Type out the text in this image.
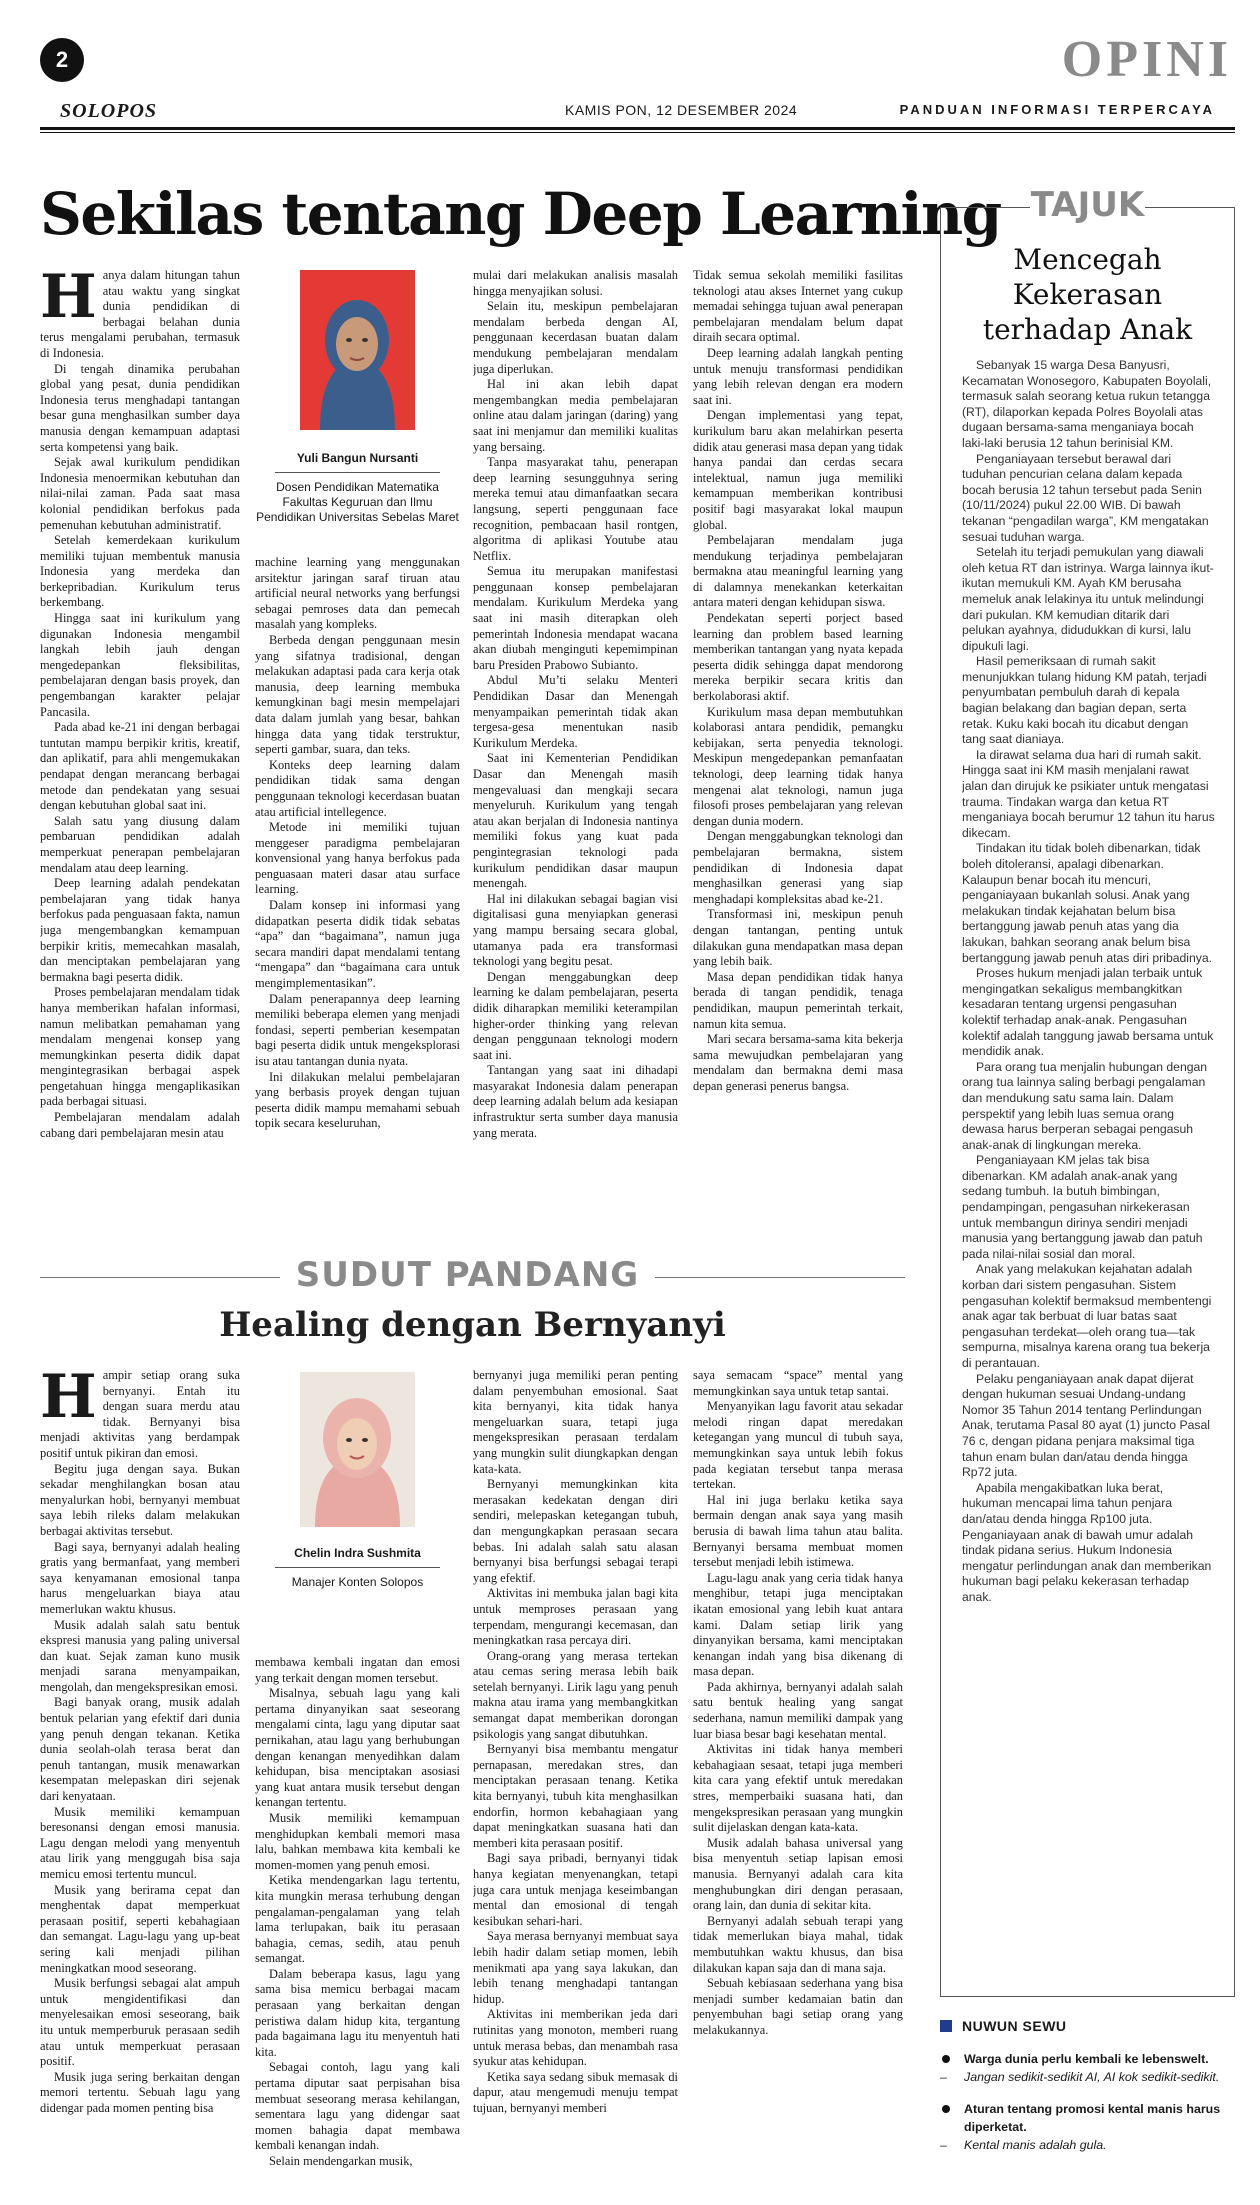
2	OPINI
SOLOPOS	KAMIS PON, 12 DESEMBER 2024	PANDUAN INFORMASI TERPERCAYA
Sekilas tentang Deep Learning
Yuli Bangun Nursanti
Dosen Pendidikan Matematika Fakultas Keguruan dan Ilmu Pendidikan Universitas Sebelas Maret
H anya dalam hitungan tahun atau waktu yang singkat dunia pendidikan di berbagai belahan dunia terus mengalami perubahan, termasuk di Indonesia.

Di tengah dinamika perubahan global yang pesat, dunia pendidikan Indonesia terus menghadapi tantangan besar guna menghasilkan sumber daya manusia dengan kemampuan adaptasi serta kompetensi yang baik.

Sejak awal kurikulum pendidikan Indonesia menoermikan kebutuhan dan nilai-nilai zaman. Pada saat masa kolonial pendidikan berfokus pada pemenuhan kebutuhan administratif.

Setelah kemerdekaan kurikulum memiliki tujuan membentuk manusia Indonesia yang merdeka dan berkepribadian. Kurikulum terus berkembang.

Hingga saat ini kurikulum yang digunakan Indonesia mengambil langkah lebih jauh dengan mengedepankan fleksibilitas, pembelajaran dengan basis proyek, dan pengembangan karakter pelajar Pancasila.

Pada abad ke-21 ini dengan berbagai tuntutan mampu berpikir kritis, kreatif, dan aplikatif, para ahli mengemukakan pendapat dengan merancang berbagai metode dan pendekatan yang sesuai dengan kebutuhan global saat ini.

Salah satu yang diusung dalam pembaruan pendidikan adalah memperkuat penerapan pembelajaran mendalam atau deep learning.

Deep learning adalah pendekatan pembelajaran yang tidak hanya berfokus pada penguasaan fakta, namun juga mengembangkan kemampuan berpikir kritis, memecahkan masalah, dan menciptakan pembelajaran yang bermakna bagi peserta didik.

Proses pembelajaran mendalam tidak hanya memberikan hafalan informasi, namun melibatkan pemahaman yang mendalam mengenai konsep yang memungkinkan peserta didik dapat mengintegrasikan berbagai aspek pengetahuan hingga mengaplikasikan pada berbagai situasi.

Pembelajaran mendalam adalah cabang dari pembelajaran mesin atau

machine learning yang menggunakan arsitektur jaringan saraf tiruan atau artificial neural networks yang berfungsi sebagai pemroses data dan pemecah masalah yang kompleks.

Berbeda dengan penggunaan mesin yang sifatnya tradisional, dengan melakukan adaptasi pada cara kerja otak manusia, deep learning membuka kemungkinan bagi mesin mempelajari data dalam jumlah yang besar, bahkan hingga data yang tidak terstruktur, seperti gambar, suara, dan teks.

Konteks deep learning dalam pendidikan tidak sama dengan penggunaan teknologi kecerdasan buatan atau artificial intellegence.

Metode ini memiliki tujuan menggeser paradigma pembelajaran konvensional yang hanya berfokus pada penguasaan materi dasar atau surface learning.

Dalam konsep ini informasi yang didapatkan peserta didik tidak sebatas “apa” dan “bagaimana”, namun juga secara mandiri dapat mendalami tentang “mengapa” dan “bagaimana cara untuk mengimplementasikan”.

Dalam penerapannya deep learning memiliki beberapa elemen yang menjadi fondasi, seperti pemberian kesempatan bagi peserta didik untuk mengeksplorasi isu atau tantangan dunia nyata.

Ini dilakukan melalui pembelajaran yang berbasis proyek dengan tujuan peserta didik mampu memahami sebuah topik secara keseluruhan,

mulai dari melakukan analisis masalah hingga menyajikan solusi.

Selain itu, meskipun pembelajaran mendalam berbeda dengan AI, penggunaan kecerdasan buatan dalam mendukung pembelajaran mendalam juga diperlukan.

Hal ini akan lebih dapat mengembangkan media pembelajaran online atau dalam jaringan (daring) yang saat ini menjamur dan memiliki kualitas yang bersaing.

Tanpa masyarakat tahu, penerapan deep learning sesungguhnya sering mereka temui atau dimanfaatkan secara langsung, seperti penggunaan face recognition, pembacaan hasil rontgen, algoritma di aplikasi Youtube atau Netflix.

Semua itu merupakan manifestasi penggunaan konsep pembelajaran mendalam. Kurikulum Merdeka yang saat ini masih diterapkan oleh pemerintah Indonesia mendapat wacana akan diubah menginguti kepemimpinan baru Presiden Prabowo Subianto.

Abdul Mu’ti selaku Menteri Pendidikan Dasar dan Menengah menyampaikan pemerintah tidak akan tergesa-gesa menentukan nasib Kurikulum Merdeka.

Saat ini Kementerian Pendidikan Dasar dan Menengah masih mengevaluasi dan mengkaji secara menyeluruh. Kurikulum yang tengah atau akan berjalan di Indonesia nantinya memiliki fokus yang kuat pada pengintegrasian teknologi pada kurikulum pendidikan dasar maupun menengah.

Hal ini dilakukan sebagai bagian visi digitalisasi guna menyiapkan generasi yang mampu bersaing secara global, utamanya pada era transformasi teknologi yang begitu pesat.

Dengan menggabungkan deep learning ke dalam pembelajaran, peserta didik diharapkan memiliki keterampilan higher-order thinking yang relevan dengan penggunaan teknologi modern saat ini.

Tantangan yang saat ini dihadapi masyarakat Indonesia dalam penerapan deep learning adalah belum ada kesiapan infrastruktur serta sumber daya manusia yang merata.

Tidak semua sekolah memiliki fasilitas teknologi atau akses Internet yang cukup memadai sehingga tujuan awal penerapan pembelajaran mendalam belum dapat diraih secara optimal.

Deep learning adalah langkah penting untuk menuju transformasi pendidikan yang lebih relevan dengan era modern saat ini.

Dengan implementasi yang tepat, kurikulum baru akan melahirkan peserta didik atau generasi masa depan yang tidak hanya pandai dan cerdas secara intelektual, namun juga memiliki kemampuan memberikan kontribusi positif bagi masyarakat lokal maupun global.

Pembelajaran mendalam juga mendukung terjadinya pembelajaran bermakna atau meaningful learning yang di dalamnya menekankan keterkaitan antara materi dengan kehidupan siswa.

Pendekatan seperti porject based learning dan problem based learning memberikan tantangan yang nyata kepada peserta didik sehingga dapat mendorong mereka berpikir secara kritis dan berkolaborasi aktif.

Kurikulum masa depan membutuhkan kolaborasi antara pendidik, pemangku kebijakan, serta penyedia teknologi. Meskipun mengedepankan pemanfaatan teknologi, deep learning tidak hanya mengenai alat teknologi, namun juga filosofi proses pembelajaran yang relevan dengan dunia modern.

Dengan menggabungkan teknologi dan pembelajaran bermakna, sistem pendidikan di Indonesia dapat menghasilkan generasi yang siap menghadapi kompleksitas abad ke-21.

Transformasi ini, meskipun penuh dengan tantangan, penting untuk dilakukan guna mendapatkan masa depan yang lebih baik.

Masa depan pendidikan tidak hanya berada di tangan pendidik, tenaga pendidikan, maupun pemerintah terkait, namun kita semua.

Mari secara bersama-sama kita bekerja sama mewujudkan pembelajaran yang mendalam dan bermakna demi masa depan generasi penerus bangsa.

SUDUT PANDANG
Healing dengan Bernyanyi
Chelin Indra Sushmita
Manajer Konten Solopos
H ampir setiap orang suka bernyanyi. Entah itu dengan suara merdu atau tidak. Bernyanyi bisa menjadi aktivitas yang berdampak positif untuk pikiran dan emosi.

Begitu juga dengan saya. Bukan sekadar menghilangkan bosan atau menyalurkan hobi, bernyanyi membuat saya lebih rileks dalam melakukan berbagai aktivitas tersebut.

Bagi saya, bernyanyi adalah healing gratis yang bermanfaat, yang memberi saya kenyamanan emosional tanpa harus mengeluarkan biaya atau memerlukan waktu khusus.

Musik adalah salah satu bentuk ekspresi manusia yang paling universal dan kuat. Sejak zaman kuno musik menjadi sarana menyampaikan, mengolah, dan mengekspresikan emosi.

Bagi banyak orang, musik adalah bentuk pelarian yang efektif dari dunia yang penuh dengan tekanan. Ketika dunia seolah-olah terasa berat dan penuh tantangan, musik menawarkan kesempatan melepaskan diri sejenak dari kenyataan.

Musik memiliki kemampuan beresonansi dengan emosi manusia. Lagu dengan melodi yang menyentuh atau lirik yang menggugah bisa saja memicu emosi tertentu muncul.

Musik yang berirama cepat dan menghentak dapat memperkuat perasaan positif, seperti kebahagiaan dan semangat. Lagu-lagu yang up-beat sering kali menjadi pilihan meningkatkan mood seseorang.

Musik berfungsi sebagai alat ampuh untuk mengidentifikasi dan menyelesaikan emosi seseorang, baik itu untuk memperburuk perasaan sedih atau untuk memperkuat perasaan positif.

Musik juga sering berkaitan dengan memori tertentu. Sebuah lagu yang didengar pada momen penting bisa

membawa kembali ingatan dan emosi yang terkait dengan momen tersebut.

Misalnya, sebuah lagu yang kali pertama dinyanyikan saat seseorang mengalami cinta, lagu yang diputar saat pernikahan, atau lagu yang berhubungan dengan kenangan menyedihkan dalam kehidupan, bisa menciptakan asosiasi yang kuat antara musik tersebut dengan kenangan tertentu.

Musik memiliki kemampuan menghidupkan kembali memori masa lalu, bahkan membawa kita kembali ke momen-momen yang penuh emosi.

Ketika mendengarkan lagu tertentu, kita mungkin merasa terhubung dengan pengalaman-pengalaman yang telah lama terlupakan, baik itu perasaan bahagia, cemas, sedih, atau penuh semangat.

Dalam beberapa kasus, lagu yang sama bisa memicu berbagai macam perasaan yang berkaitan dengan peristiwa dalam hidup kita, tergantung pada bagaimana lagu itu menyentuh hati kita.

Sebagai contoh, lagu yang kali pertama diputar saat perpisahan bisa membuat seseorang merasa kehilangan, sementara lagu yang didengar saat momen bahagia dapat membawa kembali kenangan indah.

Selain mendengarkan musik,

bernyanyi juga memiliki peran penting dalam penyembuhan emosional. Saat kita bernyanyi, kita tidak hanya mengeluarkan suara, tetapi juga mengekspresikan perasaan terdalam yang mungkin sulit diungkapkan dengan kata-kata.

Bernyanyi memungkinkan kita merasakan kedekatan dengan diri sendiri, melepaskan ketegangan tubuh, dan mengungkapkan perasaan secara bebas. Ini adalah salah satu alasan bernyanyi bisa berfungsi sebagai terapi yang efektif.

Aktivitas ini membuka jalan bagi kita untuk memproses perasaan yang terpendam, mengurangi kecemasan, dan meningkatkan rasa percaya diri.

Orang-orang yang merasa tertekan atau cemas sering merasa lebih baik setelah bernyanyi. Lirik lagu yang penuh makna atau irama yang membangkitkan semangat dapat memberikan dorongan psikologis yang sangat dibutuhkan.

Bernyanyi bisa membantu mengatur pernapasan, meredakan stres, dan menciptakan perasaan tenang. Ketika kita bernyanyi, tubuh kita menghasilkan endorfin, hormon kebahagiaan yang dapat meningkatkan suasana hati dan memberi kita perasaan positif.

Bagi saya pribadi, bernyanyi tidak hanya kegiatan menyenangkan, tetapi juga cara untuk menjaga keseimbangan mental dan emosional di tengah kesibukan sehari-hari.

Saya merasa bernyanyi membuat saya lebih hadir dalam setiap momen, lebih menikmati apa yang saya lakukan, dan lebih tenang menghadapi tantangan hidup.

Aktivitas ini memberikan jeda dari rutinitas yang monoton, memberi ruang untuk merasa bebas, dan menambah rasa syukur atas kehidupan.

Ketika saya sedang sibuk memasak di dapur, atau mengemudi menuju tempat tujuan, bernyanyi memberi

saya semacam “space” mental yang memungkinkan saya untuk tetap santai.

Menyanyikan lagu favorit atau sekadar melodi ringan dapat meredakan ketegangan yang muncul di tubuh saya, memungkinkan saya untuk lebih fokus pada kegiatan tersebut tanpa merasa tertekan.

Hal ini juga berlaku ketika saya bermain dengan anak saya yang masih berusia di bawah lima tahun atau balita. Bernyanyi bersama membuat momen tersebut menjadi lebih istimewa.

Lagu-lagu anak yang ceria tidak hanya menghibur, tetapi juga menciptakan ikatan emosional yang lebih kuat antara kami. Dalam setiap lirik yang dinyanyikan bersama, kami menciptakan kenangan indah yang bisa dikenang di masa depan.

Pada akhirnya, bernyanyi adalah salah satu bentuk healing yang sangat sederhana, namun memiliki dampak yang luar biasa besar bagi kesehatan mental.

Aktivitas ini tidak hanya memberi kebahagiaan sesaat, tetapi juga memberi kita cara yang efektif untuk meredakan stres, memperbaiki suasana hati, dan mengekspresikan perasaan yang mungkin sulit dijelaskan dengan kata-kata.

Musik adalah bahasa universal yang bisa menyentuh setiap lapisan emosi manusia. Bernyanyi adalah cara kita menghubungkan diri dengan perasaan, orang lain, dan dunia di sekitar kita.

Bernyanyi adalah sebuah terapi yang tidak memerlukan biaya mahal, tidak membutuhkan waktu khusus, dan bisa dilakukan kapan saja dan di mana saja.

Sebuah kebiasaan sederhana yang bisa menjadi sumber kedamaian batin dan penyembuhan bagi setiap orang yang melakukannya.

TAJUK
Mencegah Kekerasan terhadap Anak

Sebanyak 15 warga Desa Banyusri, Kecamatan Wonosegoro, Kabupaten Boyolali, termasuk salah seorang ketua rukun tetangga (RT), dilaporkan kepada Polres Boyolali atas dugaan bersama-sama menganiaya bocah laki-laki berusia 12 tahun berinisial KM.

Penganiayaan tersebut berawal dari tuduhan pencurian celana dalam kepada bocah berusia 12 tahun tersebut pada Senin (10/11/2024) pukul 22.00 WIB. Di bawah tekanan “pengadilan warga”, KM mengatakan sesuai tuduhan warga.

Setelah itu terjadi pemukulan yang diawali oleh ketua RT dan istrinya. Warga lainnya ikut-ikutan memukuli KM. Ayah KM berusaha memeluk anak lelakinya itu untuk melindungi dari pukulan. KM kemudian ditarik dari pelukan ayahnya, didudukkan di kursi, lalu dipukuli lagi.

Hasil pemeriksaan di rumah sakit menunjukkan tulang hidung KM patah, terjadi penyumbatan pembuluh darah di kepala bagian belakang dan bagian depan, serta retak. Kuku kaki bocah itu dicabut dengan tang saat dianiaya.

Ia dirawat selama dua hari di rumah sakit. Hingga saat ini KM masih menjalani rawat jalan dan dirujuk ke psikiater untuk mengatasi trauma. Tindakan warga dan ketua RT menganiaya bocah berumur 12 tahun itu harus dikecam.

Tindakan itu tidak boleh dibenarkan, tidak boleh ditoleransi, apalagi dibenarkan. Kalaupun benar bocah itu mencuri, penganiayaan bukanlah solusi. Anak yang melakukan tindak kejahatan belum bisa bertanggung jawab penuh atas yang dia lakukan, bahkan seorang anak belum bisa bertanggung jawab penuh atas diri pribadinya.

Proses hukum menjadi jalan terbaik untuk mengingatkan sekaligus membangkitkan kesadaran tentang urgensi pengasuhan kolektif terhadap anak-anak. Pengasuhan kolektif adalah tanggung jawab bersama untuk mendidik anak.

Para orang tua menjalin hubungan dengan orang tua lainnya saling berbagi pengalaman dan mendukung satu sama lain. Dalam perspektif yang lebih luas semua orang dewasa harus berperan sebagai pengasuh anak-anak di lingkungan mereka.

Penganiayaan KM jelas tak bisa dibenarkan. KM adalah anak-anak yang sedang tumbuh. Ia butuh bimbingan, pendampingan, pengasuhan nirkekerasan untuk membangun dirinya sendiri menjadi manusia yang bertanggung jawab dan patuh pada nilai-nilai sosial dan moral.

Anak yang melakukan kejahatan adalah korban dari sistem pengasuhan. Sistem pengasuhan kolektif bermaksud membentengi anak agar tak berbuat di luar batas saat pengasuhan terdekat—oleh orang tua—tak sempurna, misalnya karena orang tua bekerja di perantauan.

Pelaku penganiayaan anak dapat dijerat dengan hukuman sesuai Undang-undang Nomor 35 Tahun 2014 tentang Perlindungan Anak, terutama Pasal 80 ayat (1) juncto Pasal 76 c, dengan pidana penjara maksimal tiga tahun enam bulan dan/atau denda hingga Rp72 juta.

Apabila mengakibatkan luka berat, hukuman mencapai lima tahun penjara dan/atau denda hingga Rp100 juta. Penganiayaan anak di bawah umur adalah tindak pidana serius. Hukum Indonesia mengatur perlindungan anak dan memberikan hukuman bagi pelaku kekerasan terhadap anak.

NUWUN SEWU
Warga dunia perlu kembali ke lebenswelt.
– Jangan sedikit-sedikit AI, AI kok sedikit-sedikit.
Aturan tentang promosi kental manis harus diperketat.
– Kental manis adalah gula.
